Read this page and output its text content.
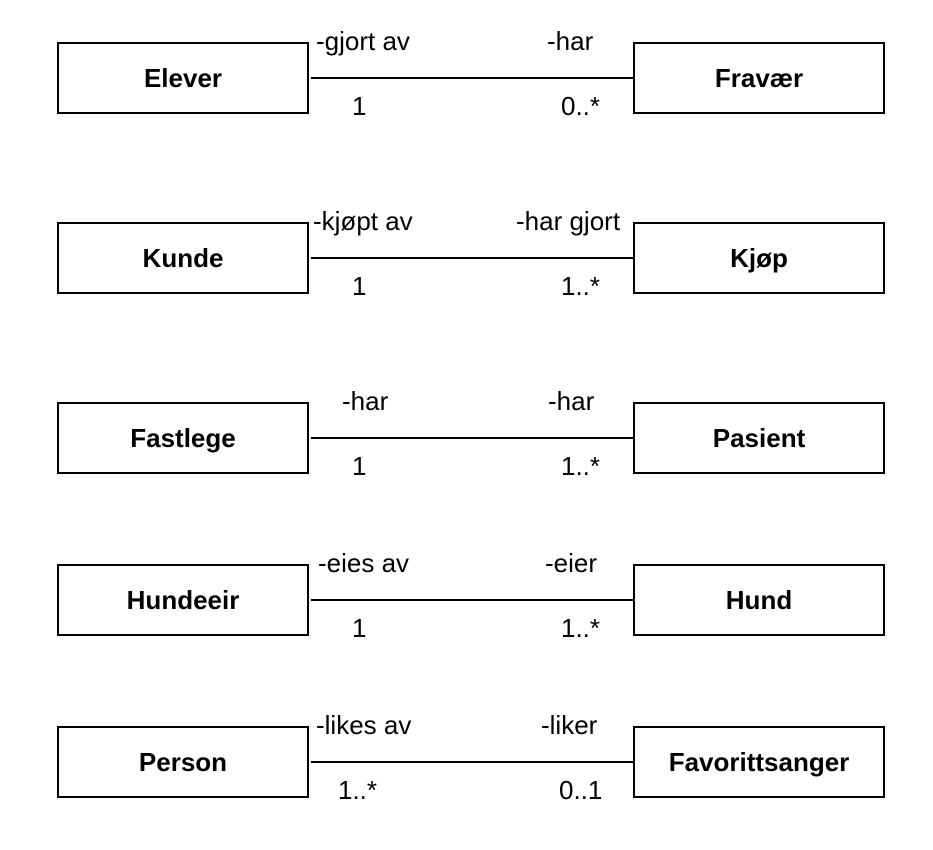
Elever	Fravær
-gjort av	-har
1	0..*
Kunde	Kjøp
-kjøpt av	-har gjort
1	1..*
Fastlege	Pasient
-har	-har
1	1..*
Hundeeir	Hund
-eies av	-eier
1	1..*
Person	Favorittsanger
-likes av	-liker
1..*	0..1
